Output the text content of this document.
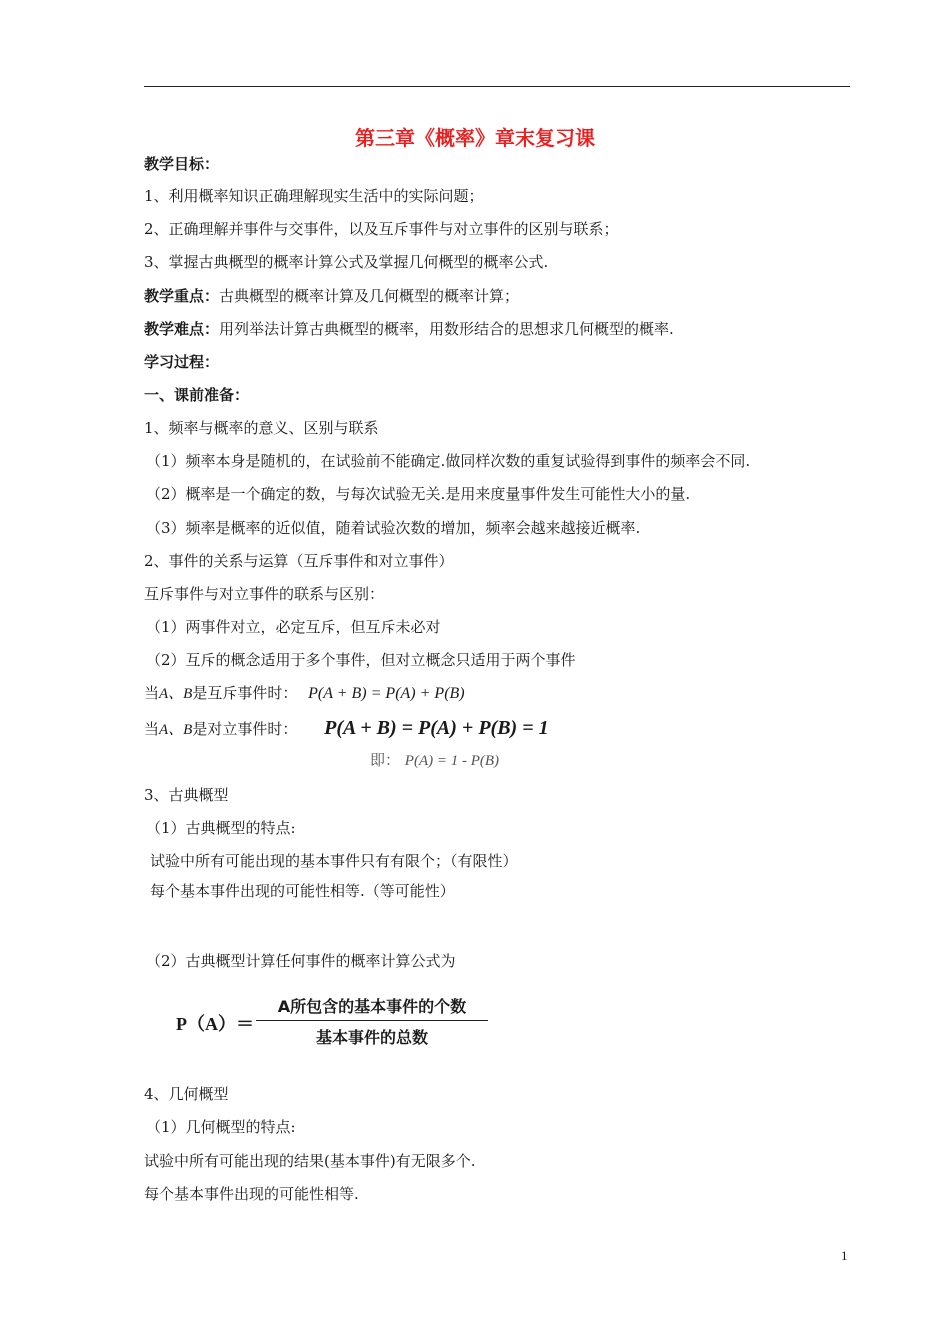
第三章《概率》章末复习课
教学目标：
1、利用概率知识正确理解现实生活中的实际问题；
2、正确理解并事件与交事件，以及互斥事件与对立事件的区别与联系；
3、掌握古典概型的概率计算公式及掌握几何概型的概率公式.
教学重点：古典概型的概率计算及几何概型的概率计算；
教学难点：用列举法计算古典概型的概率，用数形结合的思想求几何概型的概率.
学习过程：
一、课前准备：
1、频率与概率的意义、区别与联系
（1）频率本身是随机的，在试验前不能确定.做同样次数的重复试验得到事件的频率会不同.
（2）概率是一个确定的数，与每次试验无关.是用来度量事件发生可能性大小的量.
（3）频率是概率的近似值，随着试验次数的增加，频率会越来越接近概率.
2、事件的关系与运算（互斥事件和对立事件）
互斥事件与对立事件的联系与区别：
（1）两事件对立，必定互斥，但互斥未必对
（2）互斥的概念适用于多个事件，但对立概念只适用于两个事件
当A、B是互斥事件时： P(A + B) = P(A) + P(B)
当A、B是对立事件时： P(A + B) = P(A) + P(B) = 1
即： P(A) = 1 - P(B)
3、古典概型
（1）古典概型的特点:
试验中所有可能出现的基本事件只有有限个；（有限性）
每个基本事件出现的可能性相等.（等可能性）
（2）古典概型计算任何事件的概率计算公式为
P（A）＝
A所包含的基本事件的个数
基本事件的总数
4、几何概型
（1）几何概型的特点:
试验中所有可能出现的结果(基本事件)有无限多个.
每个基本事件出现的可能性相等.
1
